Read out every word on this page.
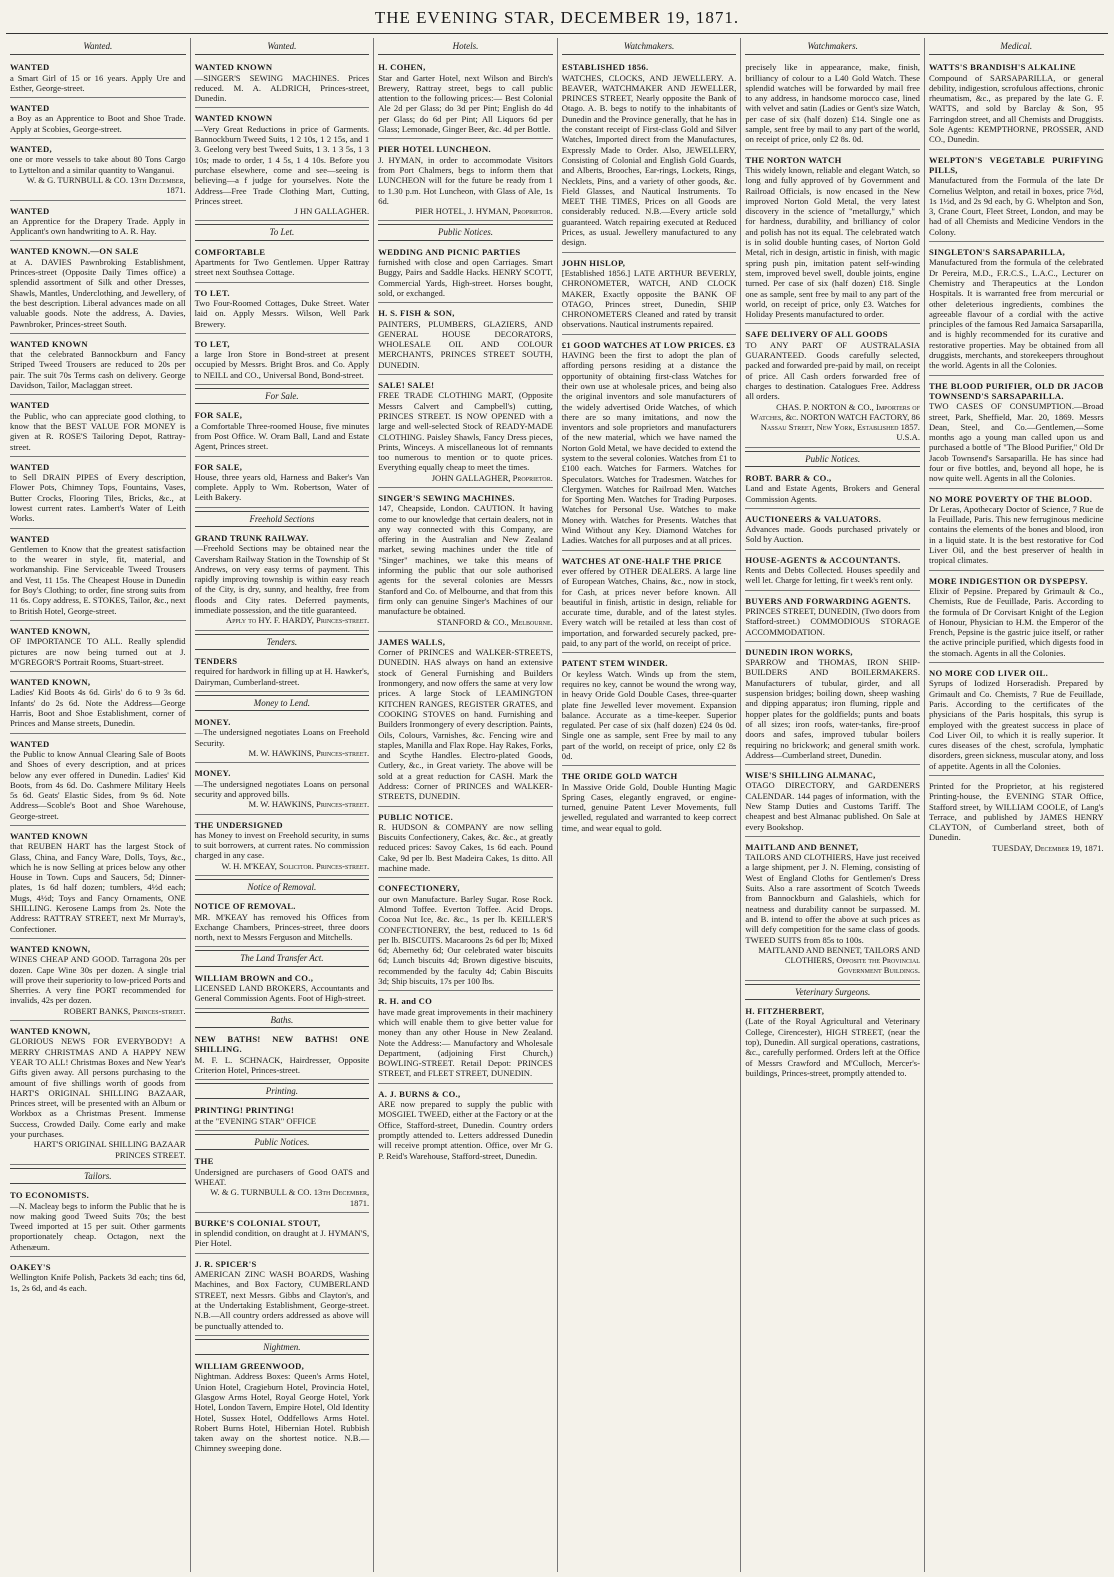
THE EVENING STAR, DECEMBER 19, 1871.
Wanted.
WANTED
a Smart Girl of 15 or 16 years. Apply Ure and Esther, George-street.
WANTED
a Boy as an Apprentice to Boot and Shoe Trade. Apply at Scobies, George-street.
WANTED,
one or more vessels to take about 80 Tons Cargo to Lyttelton and a similar quantity to Wanganui.
W. & G. TURNBULL & CO. 13th December, 1871.
WANTED
an Apprentice for the Drapery Trade. Apply in Applicant's own handwriting to A. R. Hay.
WANTED KNOWN.—ON SALE
at A. DAVIES Pawnbroking Establishment, Princes-street (Opposite Daily Times office) a splendid assortment of Silk and other Dresses, Shawls, Mantles, Underclothing, and Jewellery, of the best description. Liberal advances made on all valuable goods. Note the address, A. Davies, Pawnbroker, Princes-street South.
WANTED KNOWN
that the celebrated Bannockburn and Fancy Striped Tweed Trousers are reduced to 20s per pair. The suit 70s Terms cash on delivery. George Davidson, Tailor, Maclaggan street.
WANTED
the Public, who can appreciate good clothing, to know that the BEST VALUE FOR MONEY is given at R. ROSE'S Tailoring Depot, Rattray-street.
WANTED
to Sell DRAIN PIPES of Every description, Flower Pots, Chimney Tops, Fountains, Vases, Butter Crocks, Flooring Tiles, Bricks, &c., at lowest current rates. Lambert's Water of Leith Works.
WANTED
Gentlemen to Know that the greatest satisfaction to the wearer in style, fit, material, and workmanship. Fine Serviceable Tweed Trousers and Vest, 11 15s. The Cheapest House in Dunedin for Boy's Clothing; to order, fine strong suits from 11 6s. Copy address, E. STOKES, Tailor, &c., next to British Hotel, George-street.
WANTED KNOWN,
OF IMPORTANCE TO ALL. Really splendid pictures are now being turned out at J. M'GREGOR'S Portrait Rooms, Stuart-street.
WANTED KNOWN,
Ladies' Kid Boots 4s 6d. Girls' do 6 to 9 3s 6d. Infants' do 2s 6d. Note the Address—George Harris, Boot and Shoe Establishment, corner of Princes and Manse streets, Dunedin.
WANTED
the Public to know Annual Clearing Sale of Boots and Shoes of every description, and at prices below any ever offered in Dunedin. Ladies' Kid Boots, from 4s 6d. Do. Cashmere Military Heels 5s 6d. Geats' Elastic Sides, from 9s 6d. Note Address—Scoble's Boot and Shoe Warehouse, George-street.
WANTED KNOWN
that REUBEN HART has the largest Stock of Glass, China, and Fancy Ware, Dolls, Toys, &c., which he is now Selling at prices below any other House in Town. Cups and Saucers, 5d; Dinner-plates, 1s 6d half dozen; tumblers, 4½d each; Mugs, 4½d; Toys and Fancy Ornaments, ONE SHILLING. Kerosene Lamps from 2s. Note the Address: RATTRAY STREET, next Mr Murray's, Confectioner.
WANTED KNOWN,
WINES CHEAP AND GOOD. Tarragona 20s per dozen. Cape Wine 30s per dozen. A single trial will prove their superiority to low-priced Ports and Sherries. A very fine PORT recommended for invalids, 42s per dozen.
ROBERT BANKS, Princes-street.
WANTED KNOWN,
GLORIOUS NEWS FOR EVERYBODY! A MERRY CHRISTMAS AND A HAPPY NEW YEAR TO ALL! Christmas Boxes and New Year's Gifts given away. All persons purchasing to the amount of five shillings worth of goods from HART'S ORIGINAL SHILLING BAZAAR, Princes street, will be presented with an Album or Workbox as a Christmas Present. Immense Success, Crowded Daily. Come early and make your purchases.
HART'S ORIGINAL SHILLING BAZAAR PRINCES STREET.
Tailors.
TO ECONOMISTS.
—N. Macleay begs to inform the Public that he is now making good Tweed Suits 70s; the best Tweed imported at 15 per suit. Other garments proportionately cheap. Octagon, next the Athenæum.
OAKEY'S
Wellington Knife Polish, Packets 3d each; tins 6d, 1s, 2s 6d, and 4s each.
Wanted.
WANTED KNOWN
—SINGER'S SEWING MACHINES. Prices reduced. M. A. ALDRICH, Princes-street, Dunedin.
WANTED KNOWN
—Very Great Reductions in price of Garments. Bannockburn Tweed Suits, 1 2 10s, 1 2 15s, and 1 3. Geelong very best Tweed Suits, 1 3. 1 3 5s, 1 3 10s; made to order, 1 4 5s, 1 4 10s. Before you purchase elsewhere, come and see—seeing is believing—a f judge for yourselves. Note the Address—Free Trade Clothing Mart, Cutting, Princes street.
J HN GALLAGHER.
To Let.
COMFORTABLE
Apartments for Two Gentlemen. Upper Rattray street next Southsea Cottage.
TO LET.
Two Four-Roomed Cottages, Duke Street. Water laid on. Apply Messrs. Wilson, Well Park Brewery.
TO LET,
a large Iron Store in Bond-street at present occupied by Messrs. Bright Bros. and Co. Apply to NEILL and CO., Universal Bond, Bond-street.
For Sale.
FOR SALE,
a Comfortable Three-roomed House, five minutes from Post Office. W. Oram Ball, Land and Estate Agent, Princes street.
FOR SALE,
House, three years old, Harness and Baker's Van complete. Apply to Wm. Robertson, Water of Leith Bakery.
Freehold Sections
GRAND TRUNK RAILWAY.
—Freehold Sections may be obtained near the Caversham Railway Station in the Township of St Andrews, on very easy terms of payment. This rapidly improving township is within easy reach of the City, is dry, sunny, and healthy, free from floods and City rates. Deferred payments, immediate possession, and the title guaranteed.
Apply to HY. F. HARDY, Princes-street.
Tenders.
TENDERS
required for hardwork in filling up at H. Hawker's, Dairyman, Cumberland-street.
Money to Lend.
MONEY.
—The undersigned negotiates Loans on Freehold Security.
M. W. HAWKINS, Princes-street.
MONEY.
—The undersigned negotiates Loans on personal security and approved bills.
M. W. HAWKINS, Princes-street.
THE UNDERSIGNED
has Money to invest on Freehold security, in sums to suit borrowers, at current rates. No commission charged in any case.
W. H. M'KEAY, Solicitor. Princes-street.
Notice of Removal.
NOTICE OF REMOVAL.
MR. M'KEAY has removed his Offices from Exchange Chambers, Princes-street, three doors north, next to Messrs Ferguson and Mitchells.
The Land Transfer Act.
WILLIAM BROWN and CO.,
LICENSED LAND BROKERS, Accountants and General Commission Agents. Foot of High-street.
Baths.
NEW BATHS! NEW BATHS! ONE SHILLING.
M. F. L. SCHNACK, Hairdresser, Opposite Criterion Hotel, Princes-street.
Printing.
PRINTING! PRINTING!
at the "EVENING STAR" OFFICE
Public Notices.
THE
Undersigned are purchasers of Good OATS and WHEAT.
W. & G. TURNBULL & CO. 13th December, 1871.
BURKE'S COLONIAL STOUT,
in splendid condition, on draught at J. HYMAN'S, Pier Hotel.
J. R. SPICER'S
AMERICAN ZINC WASH BOARDS, Washing Machines, and Box Factory, CUMBERLAND STREET, next Messrs. Gibbs and Clayton's, and at the Undertaking Establishment, George-street. N.B.—All country orders addressed as above will be punctually attended to.
Nightmen.
WILLIAM GREENWOOD,
Nightman. Address Boxes: Queen's Arms Hotel, Union Hotel, Cragieburn Hotel, Provincia Hotel, Glasgow Arms Hotel, Royal George Hotel, York Hotel, London Tavern, Empire Hotel, Old Identity Hotel, Sussex Hotel, Oddfellows Arms Hotel. Robert Burns Hotel, Hibernian Hotel. Rubbish taken away on the shortest notice. N.B.—Chimney sweeping done.
Hotels.
H. COHEN,
Star and Garter Hotel, next Wilson and Birch's Brewery, Rattray street, begs to call public attention to the following prices:— Best Colonial Ale 2d per Glass; do 3d per Pint; English do 4d per Glass; do 6d per Pint; All Liquors 6d per Glass; Lemonade, Ginger Beer, &c. 4d per Bottle.
PIER HOTEL LUNCHEON.
J. HYMAN, in order to accommodate Visitors from Port Chalmers, begs to inform them that LUNCHEON will for the future be ready from 1 to 1.30 p.m. Hot Luncheon, with Glass of Ale, 1s 6d.
PIER HOTEL, J. HYMAN, Proprietor.
Public Notices.
WEDDING AND PICNIC PARTIES
furnished with close and open Carriages. Smart Buggy, Pairs and Saddle Hacks. HENRY SCOTT, Commercial Yards, High-street. Horses bought, sold, or exchanged.
H. S. FISH & SON,
PAINTERS, PLUMBERS, GLAZIERS, AND GENERAL HOUSE DECORATORS, WHOLESALE OIL AND COLOUR MERCHANTS, PRINCES STREET SOUTH, DUNEDIN.
SALE! SALE!
FREE TRADE CLOTHING MART, (Opposite Messrs Calvert and Campbell's) cutting, PRINCES STREET. IS NOW OPENED with a large and well-selected Stock of READY-MADE CLOTHING. Paisley Shawls, Fancy Dress pieces, Prints, Winceys. A miscellaneous lot of remnants too numerous to mention or to quote prices. Everything equally cheap to meet the times.
JOHN GALLAGHER, Proprietor.
SINGER'S SEWING MACHINES.
147, Cheapside, London. CAUTION. It having come to our knowledge that certain dealers, not in any way connected with this Company, are offering in the Australian and New Zealand market, sewing machines under the title of "Singer" machines, we take this means of informing the public that our sole authorised agents for the several colonies are Messrs Stanford and Co. of Melbourne, and that from this firm only can genuine Singer's Machines of our manufacture be obtained.
STANFORD & CO., Melbourne.
JAMES WALLS,
Corner of PRINCES and WALKER-STREETS, DUNEDIN. HAS always on hand an extensive stock of General Furnishing and Builders Ironmongery, and now offers the same at very low prices. A large Stock of LEAMINGTON KITCHEN RANGES, REGISTER GRATES, and COOKING STOVES on hand. Furnishing and Builders Ironmongery of every description. Paints, Oils, Colours, Varnishes, &c. Fencing wire and staples, Manilla and Flax Rope. Hay Rakes, Forks, and Scythe Handles. Electro-plated Goods, Cutlery, &c., in Great variety. The above will be sold at a great reduction for CASH. Mark the Address: Corner of PRINCES and WALKER-STREETS, DUNEDIN.
PUBLIC NOTICE.
R. HUDSON & COMPANY are now selling Biscuits Confectionery, Cakes, &c. &c., at greatly reduced prices: Savoy Cakes, 1s 6d each. Pound Cake, 9d per lb. Best Madeira Cakes, 1s ditto. All machine made.
CONFECTIONERY,
our own Manufacture. Barley Sugar. Rose Rock. Almond Toffee. Everton Toffee. Acid Drops. Cocoa Nut Ice, &c. &c., 1s per lb. KEILLER'S CONFECTIONERY, the best, reduced to 1s 6d per lb. BISCUITS. Macaroons 2s 6d per lb; Mixed 6d; Abernethy 6d; Our celebrated water biscuits 6d; Lunch biscuits 4d; Brown digestive biscuits, recommended by the faculty 4d; Cabin Biscuits 3d; Ship biscuits, 17s per 100 lbs.
R. H. and CO
have made great improvements in their machinery which will enable them to give better value for money than any other House in New Zealand. Note the Address:— Manufactory and Wholesale Department, (adjoining First Church,) BOWLING-STREET. Retail Depot: PRINCES STREET, and FLEET STREET, DUNEDIN.
A. J. BURNS & CO.,
ARE now prepared to supply the public with MOSGIEL TWEED, either at the Factory or at the Office, Stafford-street, Dunedin. Country orders promptly attended to. Letters addressed Dunedin will receive prompt attention. Office, over Mr G. P. Reid's Warehouse, Stafford-street, Dunedin.
Watchmakers.
ESTABLISHED 1856.
WATCHES, CLOCKS, AND JEWELLERY. A. BEAVER, WATCHMAKER AND JEWELLER, PRINCES STREET, Nearly opposite the Bank of Otago. A. B. begs to notify to the inhabitants of Dunedin and the Province generally, that he has in the constant receipt of First-class Gold and Silver Watches, Imported direct from the Manufactures, Expressly Made to Order. Also, JEWELLERY, Consisting of Colonial and English Gold Guards, and Alberts, Brooches, Ear-rings, Lockets, Rings, Necklets, Pins, and a variety of other goods, &c. Field Glasses, and Nautical Instruments. To MEET THE TIMES, Prices on all Goods are considerably reduced. N.B.—Every article sold guaranteed. Watch repairing executed at Reduced Prices, as usual. Jewellery manufactured to any design.
JOHN HISLOP,
[Established 1856.] LATE ARTHUR BEVERLY, CHRONOMETER, WATCH, AND CLOCK MAKER, Exactly opposite the BANK OF OTAGO, Princes street, Dunedin, SHIP CHRONOMETERS Cleaned and rated by transit observations. Nautical instruments repaired.
£1 GOOD WATCHES AT LOW PRICES. £3
HAVING been the first to adopt the plan of affording persons residing at a distance the opportunity of obtaining first-class Watches for their own use at wholesale prices, and being also the original inventors and sole manufacturers of the widely advertised Oride Watches, of which there are so many imitations, and now the inventors and sole proprietors and manufacturers of the new material, which we have named the Norton Gold Metal, we have decided to extend the system to the several colonies. Watches from £1 to £100 each. Watches for Farmers. Watches for Speculators. Watches for Tradesmen. Watches for Clergymen. Watches for Railroad Men. Watches for Sporting Men. Watches for Trading Purposes. Watches for Personal Use. Watches to make Money with. Watches for Presents. Watches that Wind Without any Key. Diamond Watches for Ladies. Watches for all purposes and at all prices.
WATCHES AT ONE-HALF THE PRICE
ever offered by OTHER DEALERS. A large line of European Watches, Chains, &c., now in stock, for Cash, at prices never before known. All beautiful in finish, artistic in design, reliable for accurate time, durable, and of the latest styles. Every watch will be retailed at less than cost of importation, and forwarded securely packed, pre-paid, to any part of the world, on receipt of price.
PATENT STEM WINDER.
Or keyless Watch. Winds up from the stem, requires no key, cannot be wound the wrong way, in heavy Oride Gold Double Cases, three-quarter plate fine Jewelled lever movement. Expansion balance. Accurate as a time-keeper. Superior regulated. Per case of six (half dozen) £24 0s 0d. Single one as sample, sent Free by mail to any part of the world, on receipt of price, only £2 8s 0d.
THE ORIDE GOLD WATCH
In Massive Oride Gold, Double Hunting Magic Spring Cases, elegantly engraved, or engine-turned, genuine Patent Lever Movements, full jewelled, regulated and warranted to keep correct time, and wear equal to gold.
Watchmakers.
precisely like in appearance, make, finish, brilliancy of colour to a L40 Gold Watch. These splendid watches will be forwarded by mail free to any address, in handsome morocco case, lined with velvet and satin (Ladies or Gent's size Watch, per case of six (half dozen) £14. Single one as sample, sent free by mail to any part of the world, on receipt of price, only £2 8s. 0d.
THE NORTON WATCH
This widely known, reliable and elegant Watch, so long and fully approved of by Government and Railroad Officials, is now encased in the New improved Norton Gold Metal, the very latest discovery in the science of "metallurgy," which for hardness, durability, and brilliancy of color and polish has not its equal. The celebrated watch is in solid double hunting cases, of Norton Gold Metal, rich in design, artistic in finish, with magic spring push pin, imitation patent self-winding stem, improved bevel swell, double joints, engine turned. Per case of six (half dozen) £18. Single one as sample, sent free by mail to any part of the world, on receipt of price, only £3. Watches for Holiday Presents manufactured to order.
SAFE DELIVERY OF ALL GOODS
TO ANY PART OF AUSTRALASIA GUARANTEED. Goods carefully selected, packed and forwarded pre-paid by mail, on receipt of price. All Cash orders forwarded free of charges to destination. Catalogues Free. Address all orders.
CHAS. P. NORTON & CO., Importers of Watches, &c. NORTON WATCH FACTORY, 86 Nassau Street, New York, Established 1857. U.S.A.
Public Notices.
ROBT. BARR & CO.,
Land and Estate Agents, Brokers and General Commission Agents.
AUCTIONEERS & VALUATORS.
Advances made. Goods purchased privately or Sold by Auction.
HOUSE-AGENTS & ACCOUNTANTS.
Rents and Debts Collected. Houses speedily and well let. Charge for letting, fir t week's rent only.
BUYERS AND FORWARDING AGENTS.
PRINCES STREET, DUNEDIN, (Two doors from Stafford-street.) COMMODIOUS STORAGE ACCOMMODATION.
DUNEDIN IRON WORKS,
SPARROW and THOMAS, IRON SHIP-BUILDERS AND BOILERMAKERS. Manufacturers of tubular, girder, and all suspension bridges; boiling down, sheep washing and dipping apparatus; iron fluming, ripple and hopper plates for the goldfields; punts and boats of all sizes; iron roofs, water-tanks, fire-proof doors and safes, improved tubular boilers requiring no brickwork; and general smith work. Address—Cumberland street, Dunedin.
WISE'S SHILLING ALMANAC,
OTAGO DIRECTORY, and GARDENERS CALENDAR. 144 pages of information, with the New Stamp Duties and Customs Tariff. The cheapest and best Almanac published. On Sale at every Bookshop.
MAITLAND AND BENNET,
TAILORS AND CLOTHIERS, Have just received a large shipment, per J. N. Fleming, consisting of West of England Cloths for Gentlemen's Dress Suits. Also a rare assortment of Scotch Tweeds from Bannockburn and Galashiels, which for neatness and durability cannot be surpassed. M. and B. intend to offer the above at such prices as will defy competition for the same class of goods. TWEED SUITS from 85s to 100s.
MAITLAND AND BENNET, TAILORS AND CLOTHIERS, Opposite the Provincial Government Buildings.
Veterinary Surgeons.
H. FITZHERBERT,
(Late of the Royal Agricultural and Veterinary College, Cirencester), HIGH STREET, (near the top), Dunedin. All surgical operations, castrations, &c., carefully performed. Orders left at the Office of Messrs Crawford and M'Culloch, Mercer's-buildings, Princes-street, promptly attended to.
Medical.
WATTS'S BRANDISH'S ALKALINE
Compound of SARSAPARILLA, or general debility, indigestion, scrofulous affections, chronic rheumatism, &c., as prepared by the late G. F. WATTS, and sold by Barclay & Son, 95 Farringdon street, and all Chemists and Druggists. Sole Agents: KEMPTHORNE, PROSSER, AND CO., Dunedin.
WELPTON'S VEGETABLE PURIFYING PILLS,
Manufactured from the Formula of the late Dr Cornelius Welpton, and retail in boxes, price 7½d, 1s 1½d, and 2s 9d each, by G. Whelpton and Son, 3, Crane Court, Fleet Street, London, and may be had of all Chemists and Medicine Vendors in the Colony.
SINGLETON'S SARSAPARILLA,
Manufactured from the formula of the celebrated Dr Pereira, M.D., F.R.C.S., L.A.C., Lecturer on Chemistry and Therapeutics at the London Hospitals. It is warranted free from mercurial or other deleterious ingredients, combines the agreeable flavour of a cordial with the active principles of the famous Red Jamaica Sarsaparilla, and is highly recommended for its curative and restorative properties. May be obtained from all druggists, merchants, and storekeepers throughout the world. Agents in all the Colonies.
THE BLOOD PURIFIER, OLD DR JACOB TOWNSEND'S SARSAPARILLA.
TWO CASES OF CONSUMPTION.—Broad street, Park, Sheffield, Mar. 20, 1869. Messrs Dean, Steel, and Co.—Gentlemen,—Some months ago a young man called upon us and purchased a bottle of "The Blood Purifier," Old Dr Jacob Townsend's Sarsaparilla. He has since had four or five bottles, and, beyond all hope, he is now quite well. Agents in all the Colonies.
NO MORE POVERTY OF THE BLOOD.
Dr Leras, Apothecary Doctor of Science, 7 Rue de la Feuillade, Paris. This new ferruginous medicine contains the elements of the bones and blood, iron in a liquid state. It is the best restorative for Cod Liver Oil, and the best preserver of health in tropical climates.
MORE INDIGESTION OR DYSPEPSY.
Elixir of Pepsine. Prepared by Grimault & Co., Chemists, Rue de Feuillade, Paris. According to the formula of Dr Corvisart Knight of the Legion of Honour, Physician to H.M. the Emperor of the French, Pepsine is the gastric juice itself, or rather the active principle purified, which digests food in the stomach. Agents in all the Colonies.
NO MORE COD LIVER OIL.
Syrups of Iodized Horseradish. Prepared by Grimault and Co. Chemists, 7 Rue de Feuillade, Paris. According to the certificates of the physicians of the Paris hospitals, this syrup is employed with the greatest success in place of Cod Liver Oil, to which it is really superior. It cures diseases of the chest, scrofula, lymphatic disorders, green sickness, muscular atony, and loss of appetite. Agents in all the Colonies.
Printed for the Proprietor, at his registered Printing-house, the EVENING STAR Office, Stafford street, by WILLIAM COOLE, of Lang's Terrace, and published by JAMES HENRY CLAYTON, of Cumberland street, both of Dunedin.
TUESDAY, December 19, 1871.
